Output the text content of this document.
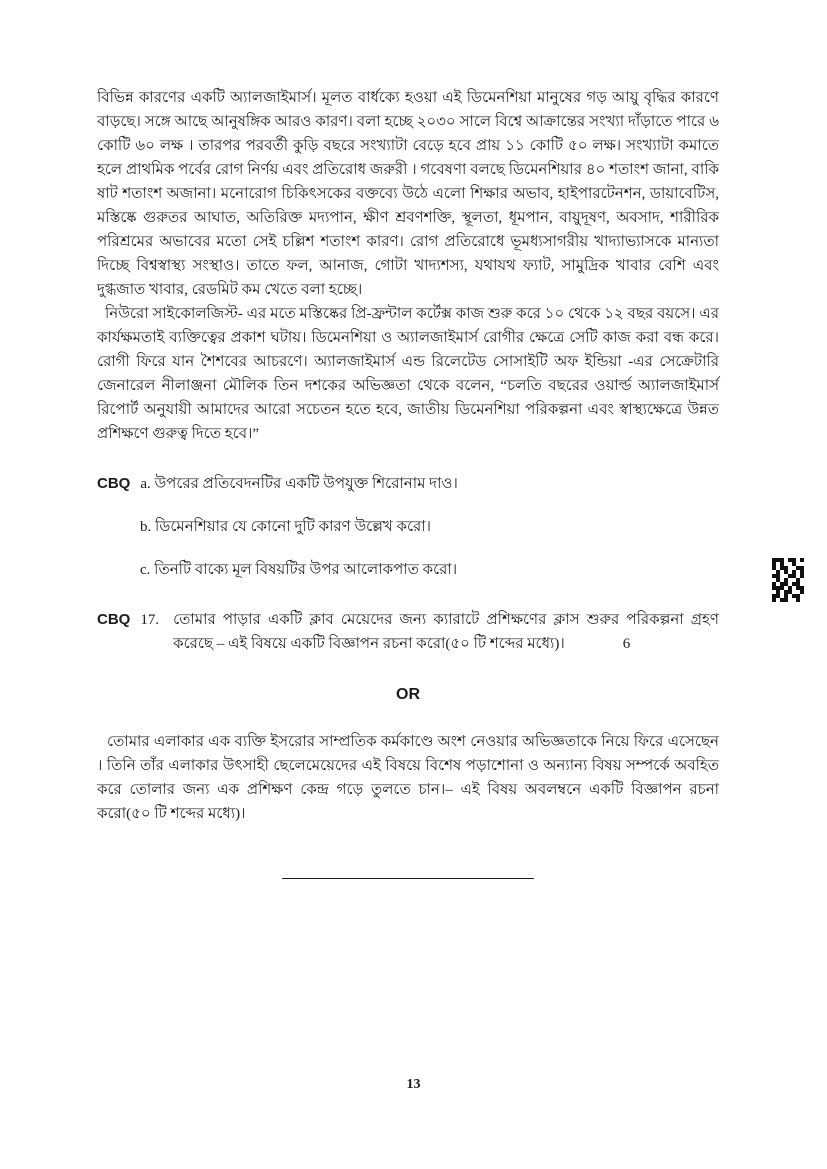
বিভিন্ন কারণের একটি অ্যালজাইমার্স। মূলত বার্ধক্যে হওয়া এই ডিমেনশিয়া মানুষের গড় আয়ু বৃদ্ধির কারণে বাড়ছে। সঙ্গে আছে আনুষঙ্গিক আরও কারণ। বলা হচ্ছে ২০৩০ সালে বিশ্বে আক্রান্তের সংখ্যা দাঁড়াতে পারে ৬ কোটি ৬০ লক্ষ । তারপর পরবর্তী কুড়ি বছরে সংখ্যাটা বেড়ে হবে প্রায় ১১ কোটি ৫০ লক্ষ। সংখ্যাটা কমাতে হলে প্রাথমিক পর্বের রোগ নির্ণয় এবং প্রতিরোধ জরুরী । গবেষণা বলছে ডিমেনশিয়ার ৪০ শতাংশ জানা, বাকি ষাট শতাংশ অজানা। মনোরোগ চিকিৎসকের বক্তব্যে উঠে এলো শিক্ষার অভাব, হাইপারটেনশন, ডায়াবেটিস, মস্তিষ্কে গুরুতর আঘাত, অতিরিক্ত মদ্যপান, ক্ষীণ শ্রবণশক্তি, স্থূলতা, ধূমপান, বায়ুদূষণ, অবসাদ, শারীরিক পরিশ্রমের অভাবের মতো সেই চল্লিশ শতাংশ কারণ। রোগ প্রতিরোধে ভূমধ্যসাগরীয় খাদ্যাভ্যাসকে মান্যতা দিচ্ছে বিশ্বস্বাস্থ্য সংস্থাও। তাতে ফল, আনাজ, গোটা খাদ্যশস্য, যথাযথ ফ্যাট, সামুদ্রিক খাবার বেশি এবং দুগ্ধজাত খাবার, রেডমিট কম খেতে বলা হচ্ছে।

নিউরো সাইকোলজিস্ট- এর মতে মস্তিষ্কের প্রি-ফ্রন্টাল কর্টেক্স কাজ শুরু করে ১০ থেকে ১২ বছর বয়সে। এর কার্যক্ষমতাই ব্যক্তিত্বের প্রকাশ ঘটায়। ডিমেনশিয়া ও অ্যালজাইমার্স রোগীর ক্ষেত্রে সেটি কাজ করা বন্ধ করে। রোগী ফিরে যান শৈশবের আচরণে। অ্যালজাইমার্স এন্ড রিলেটেড সোসাইটি অফ ইন্ডিয়া -এর সেক্রেটারি জেনারেল নীলাঞ্জনা মৌলিক তিন দশকের অভিজ্ঞতা থেকে বলেন, “চলতি বছরের ওয়ার্ল্ড অ্যালজাইমার্স রিপোর্ট অনুযায়ী আমাদের আরো সচেতন হতে হবে, জাতীয় ডিমেনশিয়া পরিকল্পনা এবং স্বাস্থ্যক্ষেত্রে উন্নত প্রশিক্ষণে গুরুত্ব দিতে হবে।”

CBQ a. উপরের প্রতিবেদনটির একটি উপযুক্ত শিরোনাম দাও।
b. ডিমেনশিয়ার যে কোনো দুটি কারণ উল্লেখ করো।
c. তিনটি বাক্যে মূল বিষয়টির উপর আলোকপাত করো।
CBQ 17. তোমার পাড়ার একটি ক্লাব মেয়েদের জন্য ক্যারাটে প্রশিক্ষণের ক্লাস শুরুর পরিকল্পনা গ্রহণ করেছে – এই বিষয়ে একটি বিজ্ঞাপন রচনা করো(৫০ টি শব্দের মধ্যে)।	6
OR

তোমার এলাকার এক ব্যক্তি ইসরোর সাম্প্রতিক কর্মকাণ্ডে অংশ নেওয়ার অভিজ্ঞতাকে নিয়ে ফিরে এসেছেন । তিনি তাঁর এলাকার উৎসাহী ছেলেমেয়েদের এই বিষয়ে বিশেষ পড়াশোনা ও অন্যান্য বিষয় সম্পর্কে অবহিত করে তোলার জন্য এক প্রশিক্ষণ কেন্দ্র গড়ে তুলতে চান।– এই বিষয় অবলম্বনে একটি বিজ্ঞাপন রচনা করো(৫০ টি শব্দের মধ্যে)।

13
